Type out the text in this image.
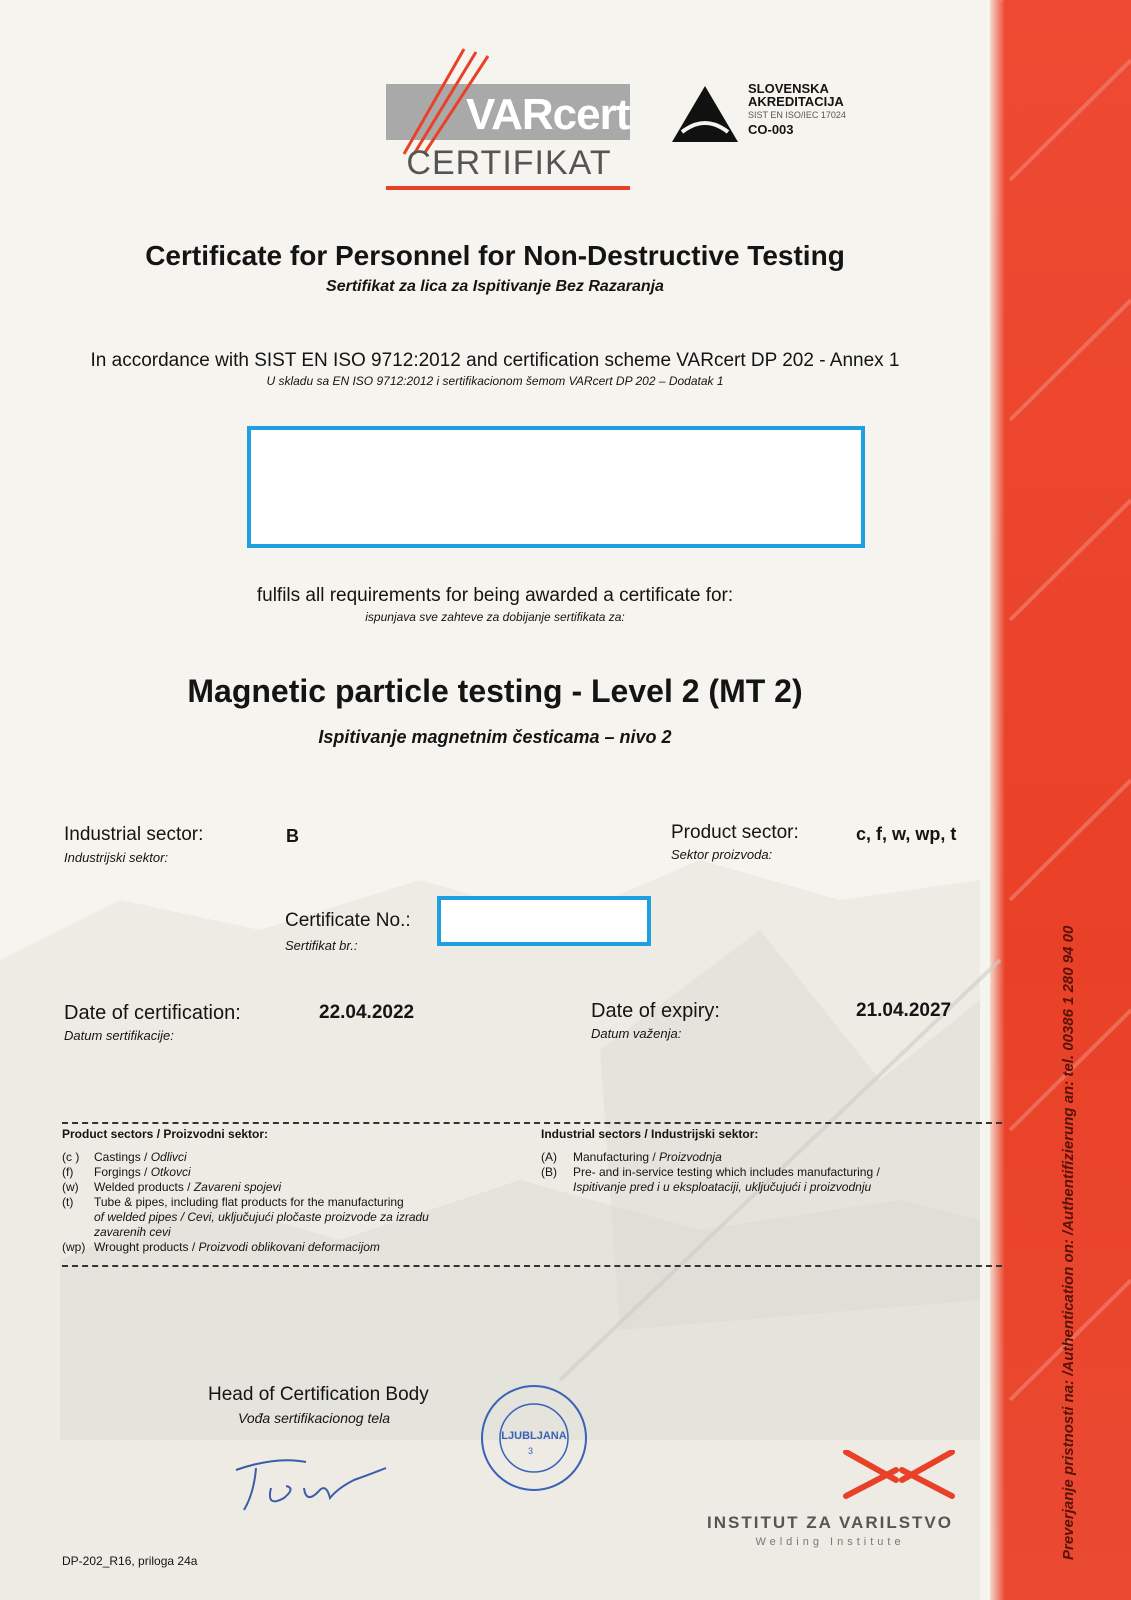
Preverjanje pristnosti na: /Authentication on: /Authentifizierung an: tel. 00386 1 280 94 00
VARcert
CERTIFIKAT
SLOVENSKA
AKREDITACIJA
SIST EN ISO/IEC 17024
CO-003
Certificate for Personnel for Non-Destructive Testing
Sertifikat za lica za Ispitivanje Bez Razaranja
In accordance with SIST EN ISO 9712:2012 and certification scheme VARcert DP 202 - Annex 1
U skladu sa EN ISO 9712:2012 i sertifikacionom šemom VARcert DP 202 – Dodatak 1
fulfils all requirements for being awarded a certificate for:
ispunjava sve zahteve za dobijanje sertifikata za:
Magnetic particle testing - Level 2 (MT 2)
Ispitivanje magnetnim česticama – nivo 2
Industrial sector:
Industrijski sektor:
B	Product sector:
Sektor proizvoda:
c, f, w, wp, t
Certificate No.:
Sertifikat br.:
Date of certification:
Datum sertifikacije:
22.04.2022	Date of expiry:
Datum važenja:
21.04.2027
Product sectors / Proizvodni sektor:
(c ) Castings / Odlivci
(f) Forgings / Otkovci
(w) Welded products / Zavareni spojevi
(t) Tube & pipes, including flat products for the manufacturing
of welded pipes / Cevi, uključujući pločaste proizvode za izradu
zavarenih cevi
(wp) Wrought products / Proizvodi oblikovani deformacijom
Industrial sectors / Industrijski sektor:
(A) Manufacturing / Proizvodnja
(B) Pre- and in-service testing which includes manufacturing /
Ispitivanje pred i u eksploataciji, uključujući i proizvodnju
Head of Certification Body
Vođa sertifikacionog tela
LJUBLJANA
3
INSTITUT ZA VARILSTVO
Welding Institute
DP-202_R16, priloga 24a
